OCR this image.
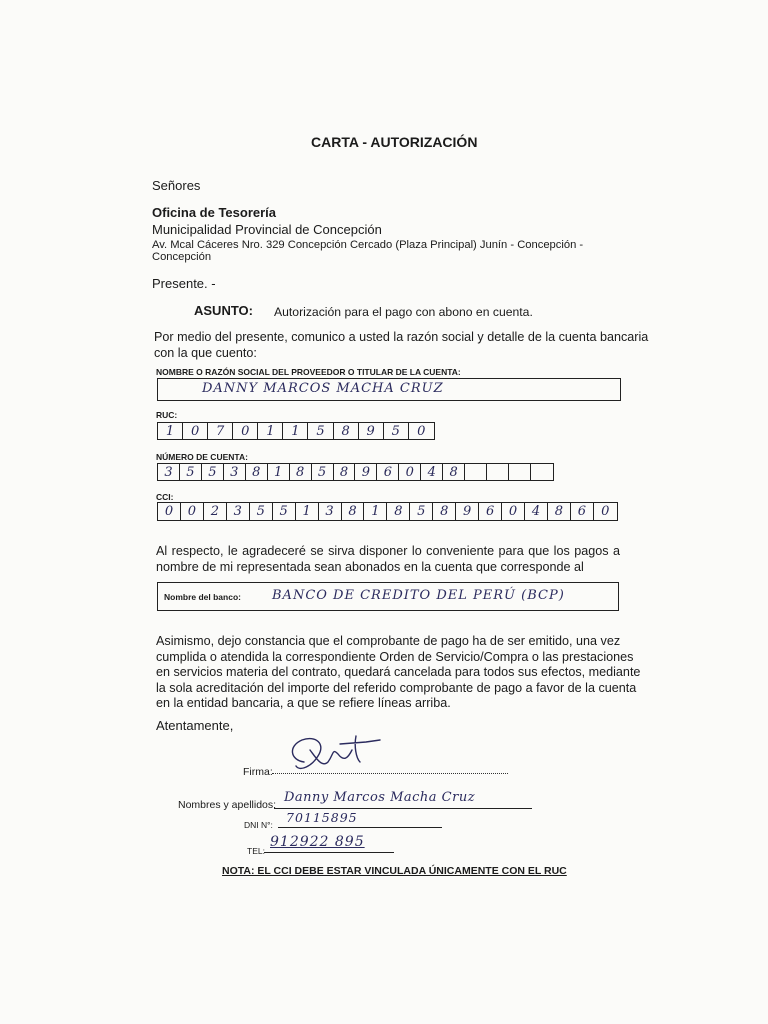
CARTA - AUTORIZACIÓN
Señores
Oficina de Tesorería
Municipalidad Provincial de Concepción
Av. Mcal Cáceres Nro. 329 Concepción Cercado (Plaza Principal) Junín - Concepción -
Concepción
Presente. -
ASUNTO: Autorización para el pago con abono en cuenta.
Por medio del presente, comunico a usted la razón social y detalle de la cuenta bancaria
con la que cuento:
NOMBRE O RAZÓN SOCIAL DEL PROVEEDOR O TITULAR DE LA CUENTA:
DANNY MARCOS MACHA CRUZ
RUC:
1	0	7	0	1	1	5	8	9	5	0
NÚMERO DE CUENTA:
3	5	5	3	8	1	8	5	8	9	6	0	4	8
CCI:
0	0	2	3	5	5	1	3	8	1	8	5	8	9	6	0	4	8	6	0
Al respecto, le agradeceré se sirva disponer lo conveniente para que los pagos a
nombre de mi representada sean abonados en la cuenta que corresponde al
Nombre del banco: BANCO DE CREDITO DEL PERÚ (BCP)
Asimismo, dejo constancia que el comprobante de pago ha de ser emitido, una vez
cumplida o atendida la correspondiente Orden de Servicio/Compra o las prestaciones
en servicios materia del contrato, quedará cancelada para todos sus efectos, mediante
la sola acreditación del importe del referido comprobante de pago a favor de la cuenta
en la entidad bancaria, a que se refiere líneas arriba.
Atentamente,
Firma:
Nombres y apellidos: Danny Marcos Macha Cruz
DNI N°: 70115895
TEL:
912922 895
NOTA: EL CCI DEBE ESTAR VINCULADA ÚNICAMENTE CON EL RUC
